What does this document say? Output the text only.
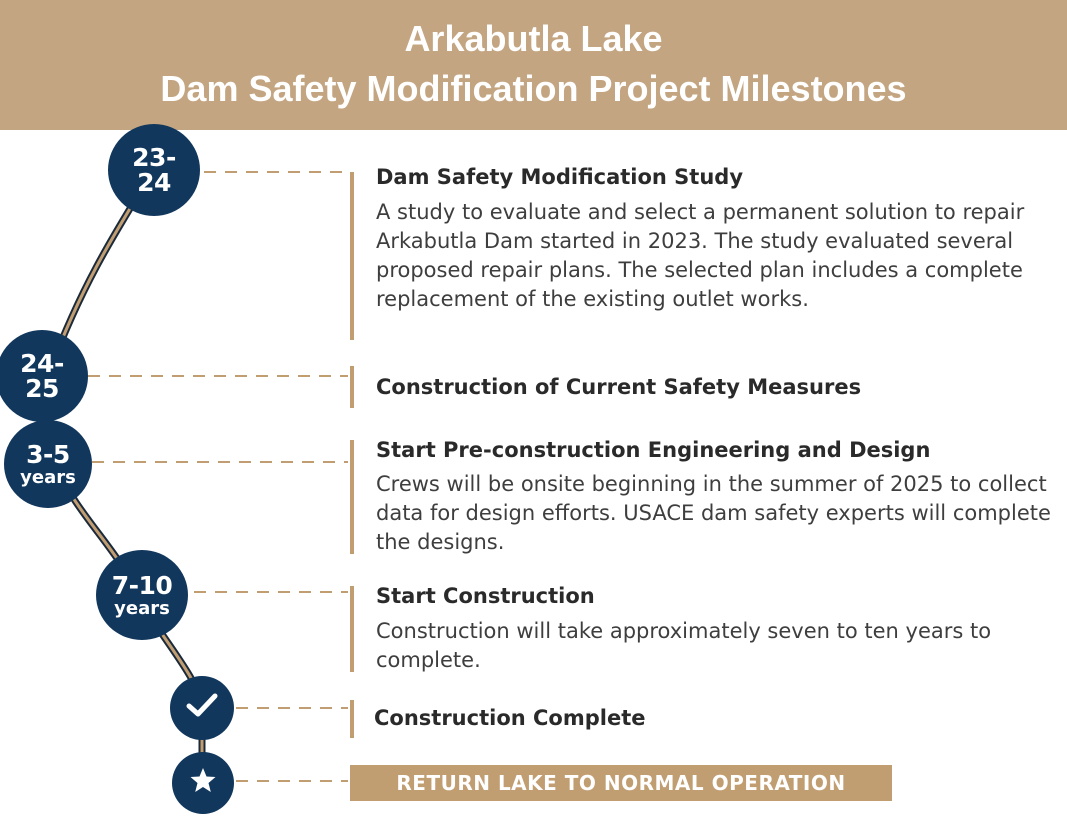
Arkabutla Lake
Dam Safety Modification Project Milestones
23-
24
24-
25
3-5
years
7-10
years
Dam Safety Modification Study

A study to evaluate and select a permanent solution to repair Arkabutla Dam started in 2023. The study evaluated several proposed repair plans. The selected plan includes a complete replacement of the existing outlet works.

Construction of Current Safety Measures
Start Pre-construction Engineering and Design

Crews will be onsite beginning in the summer of 2025 to collect data for design efforts. USACE dam safety experts will complete the designs.

Start Construction

Construction will take approximately seven to ten years to complete.

Construction Complete
RETURN LAKE TO NORMAL OPERATION
